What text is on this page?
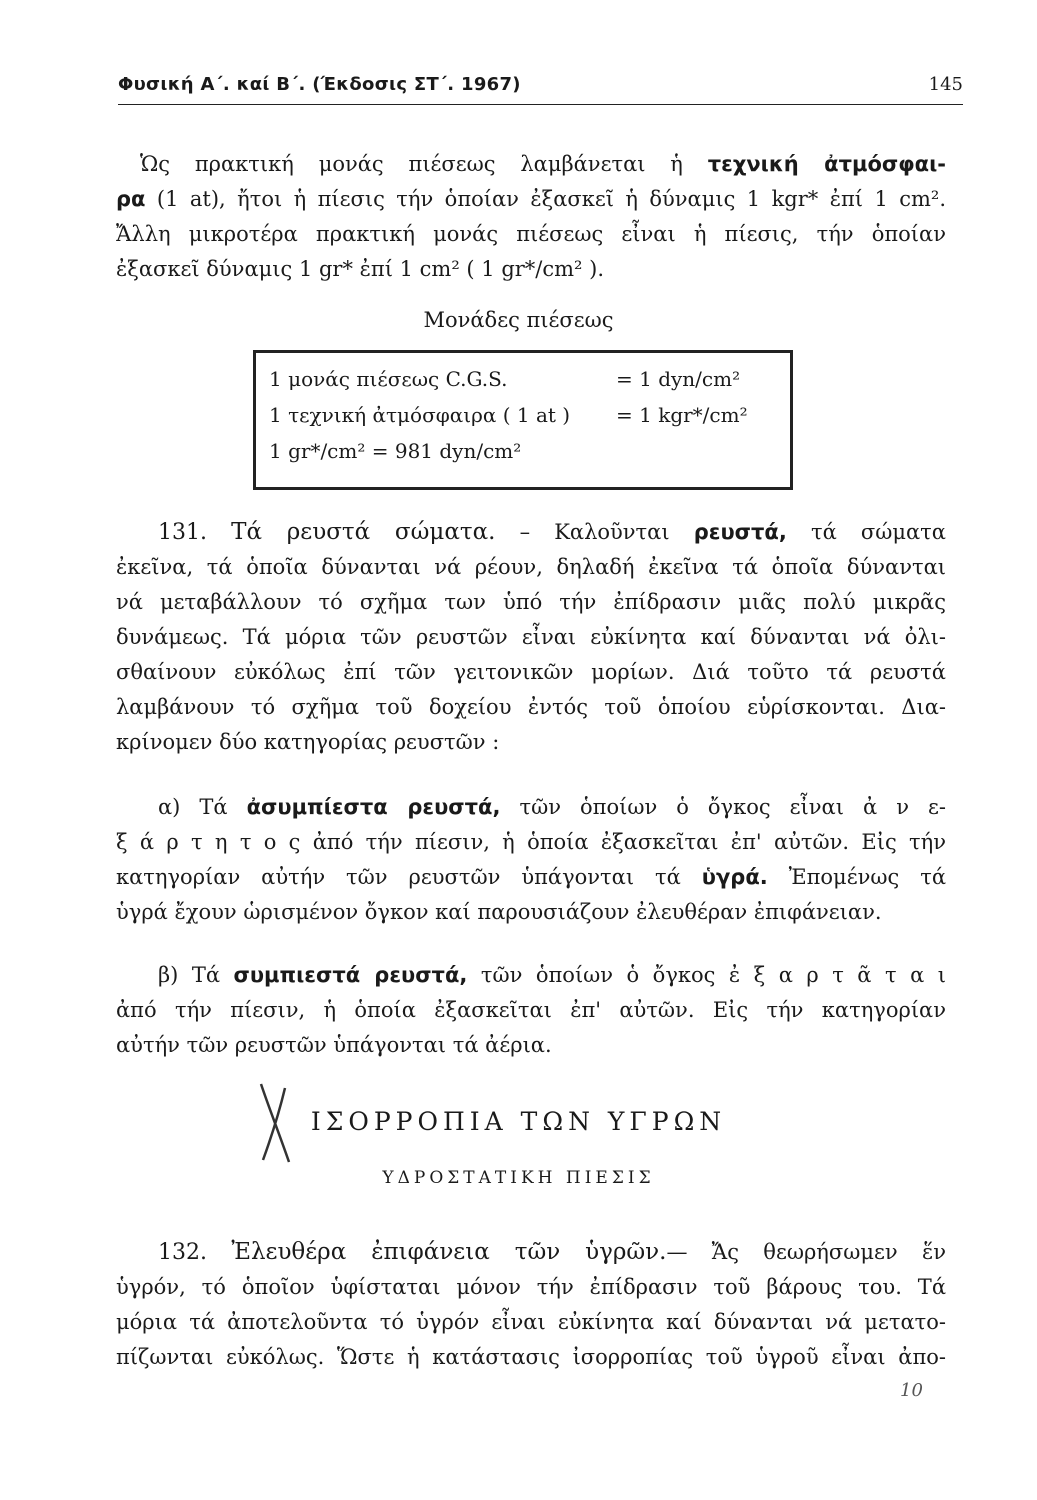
Φυσική Α΄. καί Β΄. (Έκδοσις ΣΤ΄. 1967)	145
Ὡς πρακτική μονάς πιέσεως λαμβάνεται ἡ τεχνική ἀτμόσφαι-
ρα (1 at), ἤτοι ἡ πίεσις τήν ὁποίαν ἐξασκεῖ ἡ δύναμις 1 kgr* ἐπί 1 cm².
Ἄλλη μικροτέρα πρακτική μονάς πιέσεως εἶναι ἡ πίεσις, τήν ὁποίαν
ἐξασκεῖ δύναμις 1 gr* ἐπί 1 cm² ( 1 gr*/cm² ).
Μονάδες πιέσεως
1 μονάς πιέσεως C.G.S.	= 1 dyn/cm²
1 τεχνική ἀτμόσφαιρα ( 1 at ) = 1 kgr*/cm²
1 gr*/cm² = 981 dyn/cm²
131. Τά ρευστά σώματα. – Καλοῦνται ρευστά, τά σώματα
ἐκεῖνα, τά ὁποῖα δύνανται νά ρέουν, δηλαδή ἐκεῖνα τά ὁποῖα δύνανται
νά μεταβάλλουν τό σχῆμα των ὑπό τήν ἐπίδρασιν μιᾶς πολύ μικρᾶς
δυνάμεως. Τά μόρια τῶν ρευστῶν εἶναι εὐκίνητα καί δύνανται νά ὀλι-
σθαίνουν εὐκόλως ἐπί τῶν γειτονικῶν μορίων. Διά τοῦτο τά ρευστά
λαμβάνουν τό σχῆμα τοῦ δοχείου ἐντός τοῦ ὁποίου εὑρίσκονται. Δια-
κρίνομεν δύο κατηγορίας ρευστῶν :
α) Τά ἀσυμπίεστα ρευστά, τῶν ὁποίων ὁ ὄγκος εἶναι ἀ ν ε-
ξ ά ρ τ η τ ο ς ἀπό τήν πίεσιν, ἡ ὁποία ἐξασκεῖται ἐπ' αὐτῶν. Εἰς τήν
κατηγορίαν αὐτήν τῶν ρευστῶν ὑπάγονται τά ὑγρά. Ἐπομένως τά
ὑγρά ἔχουν ὡρισμένον ὄγκον καί παρουσιάζουν ἐλευθέραν ἐπιφάνειαν.
β) Τά συμπιεστά ρευστά, τῶν ὁποίων ὁ ὄγκος ἐ ξ α ρ τ ᾶ τ α ι
ἀπό τήν πίεσιν, ἡ ὁποία ἐξασκεῖται ἐπ' αὐτῶν. Εἰς τήν κατηγορίαν
αὐτήν τῶν ρευστῶν ὑπάγονται τά ἀέρια.
ΙΣΟΡΡΟΠΙΑ ΤΩΝ ΥΓΡΩΝ
ΥΔΡΟΣΤΑΤΙΚΗ ΠΙΕΣΙΣ
132. Ἐλευθέρα ἐπιφάνεια τῶν ὑγρῶν.— Ἄς θεωρήσωμεν ἕν
ὑγρόν, τό ὁποῖον ὑφίσταται μόνον τήν ἐπίδρασιν τοῦ βάρους του. Τά
μόρια τά ἀποτελοῦντα τό ὑγρόν εἶναι εὐκίνητα καί δύνανται νά μετατο-
πίζωνται εὐκόλως. Ὥστε ἡ κατάστασις ἰσορροπίας τοῦ ὑγροῦ εἶναι ἀπο-
10
